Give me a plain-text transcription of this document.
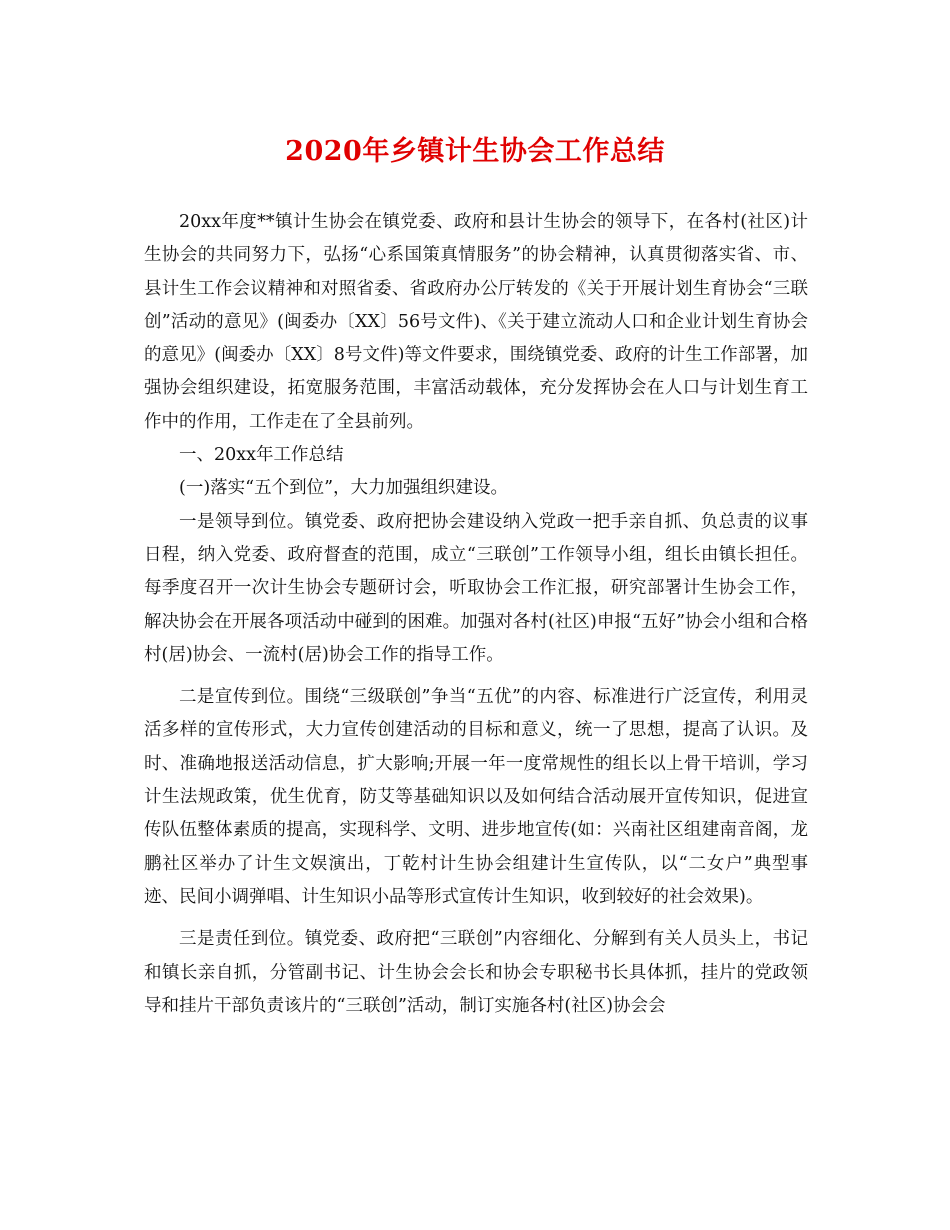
2020年乡镇计生协会工作总结

20xx年度**镇计生协会在镇党委、政府和县计生协会的领导下，在各村(社区)计生协会的共同努力下，弘扬“心系国策真情服务”的协会精神，认真贯彻落实省、市、县计生工作会议精神和对照省委、省政府办公厅转发的《关于开展计划生育协会“三联创”活动的意见》(闽委办〔XX〕56号文件)、《关于建立流动人口和企业计划生育协会的意见》(闽委办〔XX〕8号文件)等文件要求，围绕镇党委、政府的计生工作部署，加强协会组织建设，拓宽服务范围，丰富活动载体，充分发挥协会在人口与计划生育工作中的作用，工作走在了全县前列。

一、20xx年工作总结

(一)落实“五个到位”，大力加强组织建设。

一是领导到位。镇党委、政府把协会建设纳入党政一把手亲自抓、负总责的议事日程，纳入党委、政府督查的范围，成立“三联创”工作领导小组，组长由镇长担任。每季度召开一次计生协会专题研讨会，听取协会工作汇报，研究部署计生协会工作，解决协会在开展各项活动中碰到的困难。加强对各村(社区)申报“五好”协会小组和合格村(居)协会、一流村(居)协会工作的指导工作。

二是宣传到位。围绕“三级联创”争当“五优”的内容、标准进行广泛宣传，利用灵活多样的宣传形式，大力宣传创建活动的目标和意义，统一了思想，提高了认识。及时、准确地报送活动信息，扩大影响;开展一年一度常规性的组长以上骨干培训，学习计生法规政策，优生优育，防艾等基础知识以及如何结合活动展开宣传知识，促进宣传队伍整体素质的提高，实现科学、文明、进步地宣传(如：兴南社区组建南音阁，龙鹏社区举办了计生文娱演出，丁乾村计生协会组建计生宣传队，以“二女户”典型事迹、民间小调弹唱、计生知识小品等形式宣传计生知识，收到较好的社会效果)。

三是责任到位。镇党委、政府把“三联创”内容细化、分解到有关人员头上，书记和镇长亲自抓，分管副书记、计生协会会长和协会专职秘书长具体抓，挂片的党政领导和挂片干部负责该片的“三联创”活动，制订实施各村(社区)协会会
